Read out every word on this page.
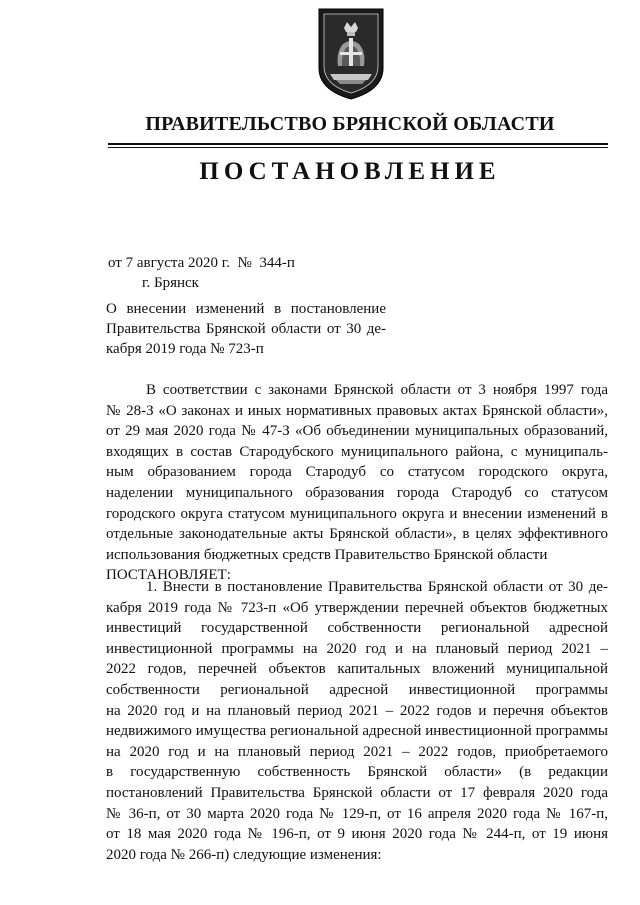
ПРАВИТЕЛЬСТВО БРЯНСКОЙ ОБЛАСТИ
ПОСТАНОВЛЕНИЕ
от 7 августа 2020 г.  №  344-п
г. Брянск
О внесении изменений в постановление
Правительства Брянской области от 30 де-
кабря 2019 года № 723-п
В соответствии с законами Брянской области от 3 ноября 1997 года
№ 28-З «О законах и иных нормативных правовых актах Брянской области»,
от 29 мая 2020 года № 47-З «Об объединении муниципальных образований,
входящих в состав Стародубского муниципального района, с муниципаль-
ным образованием города Стародуб со статусом городского округа,
наделении муниципального образования города Стародуб со статусом
городского округа статусом муниципального округа и внесении изменений в
отдельные законодательные акты Брянской области», в целях эффективного
использования бюджетных средств Правительство Брянской области
ПОСТАНОВЛЯЕТ:
1. Внести в постановление Правительства Брянской области от 30 де-
кабря 2019 года № 723-п «Об утверждении перечней объектов бюджетных
инвестиций государственной собственности региональной адресной
инвестиционной программы на 2020 год и на плановый период 2021 –
2022 годов, перечней объектов капитальных вложений муниципальной
собственности региональной адресной инвестиционной программы
на 2020 год и на плановый период 2021 – 2022 годов и перечня объектов
недвижимого имущества региональной адресной инвестиционной программы
на 2020 год и на плановый период 2021 – 2022 годов, приобретаемого
в государственную собственность Брянской области» (в редакции
постановлений Правительства Брянской области от 17 февраля 2020 года
№ 36-п, от 30 марта 2020 года № 129-п, от 16 апреля 2020 года № 167-п,
от 18 мая 2020 года № 196-п, от 9 июня 2020 года № 244-п, от 19 июня
2020 года № 266-п) следующие изменения:
